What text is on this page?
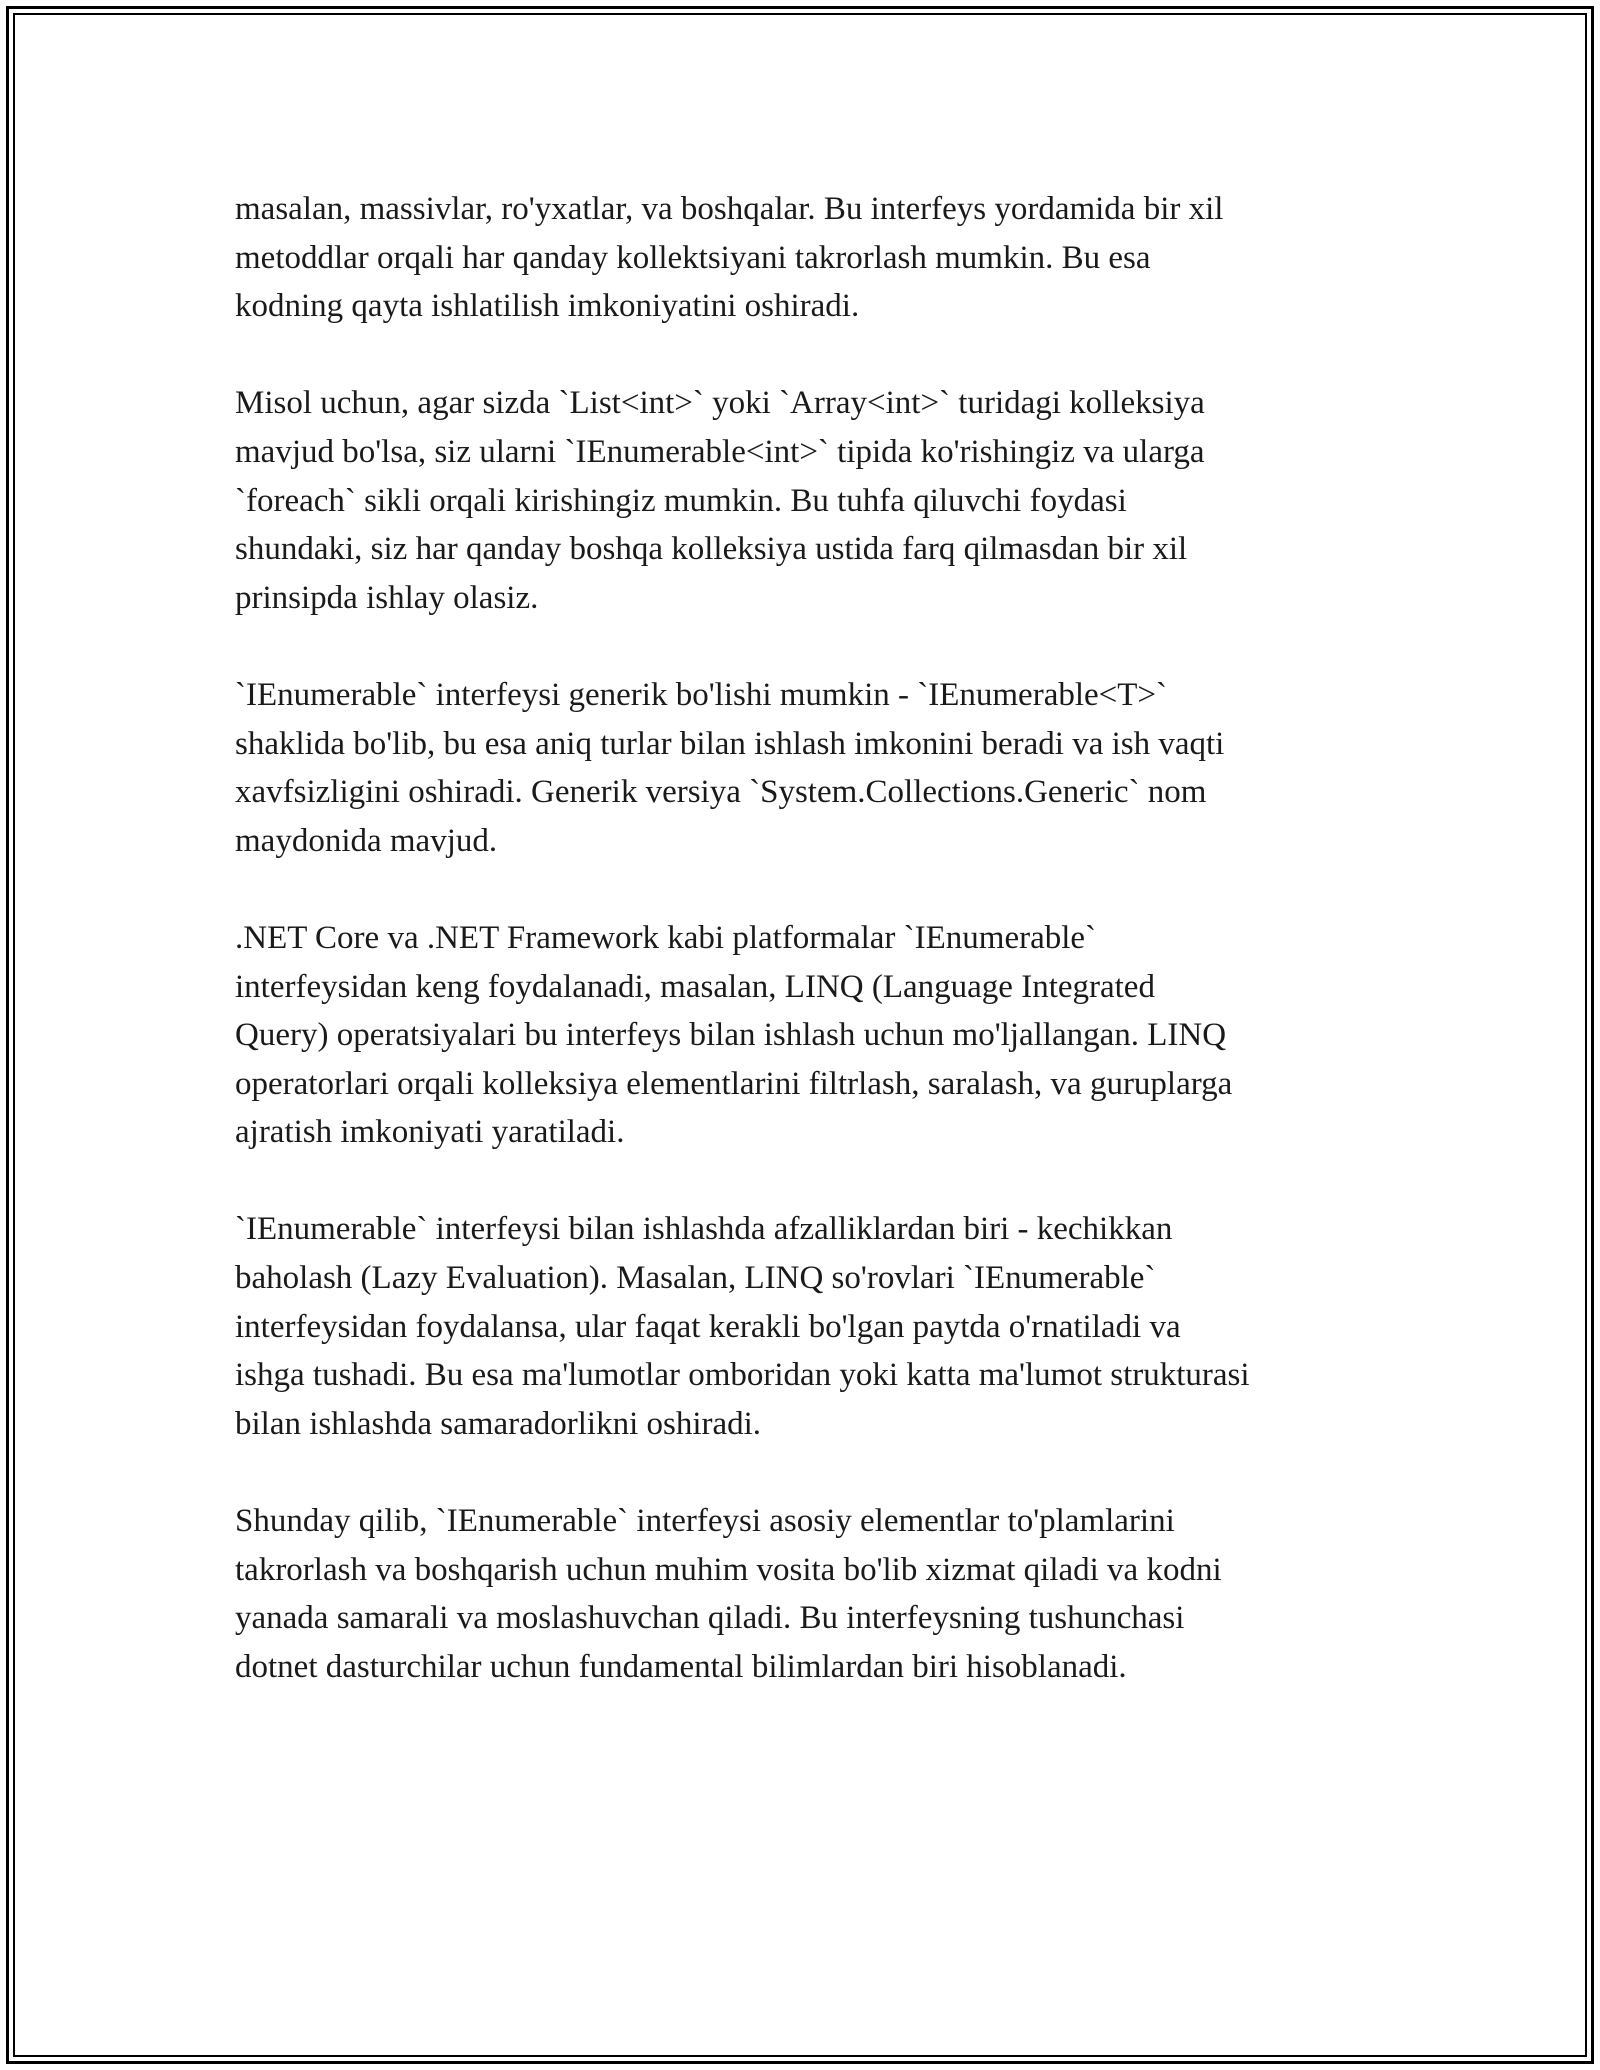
masalan, massivlar, ro'yxatlar, va boshqalar. Bu interfeys yordamida bir xil
metoddlar orqali har qanday kollektsiyani takrorlash mumkin. Bu esa
kodning qayta ishlatilish imkoniyatini oshiradi.

Misol uchun, agar sizda `List<int>` yoki `Array<int>` turidagi kolleksiya
mavjud bo'lsa, siz ularni `IEnumerable<int>` tipida ko'rishingiz va ularga
`foreach` sikli orqali kirishingiz mumkin. Bu tuhfa qiluvchi foydasi
shundaki, siz har qanday boshqa kolleksiya ustida farq qilmasdan bir xil
prinsipda ishlay olasiz.

`IEnumerable` interfeysi generik bo'lishi mumkin - `IEnumerable<T>`
shaklida bo'lib, bu esa aniq turlar bilan ishlash imkonini beradi va ish vaqti
xavfsizligini oshiradi. Generik versiya `System.Collections.Generic` nom
maydonida mavjud.

.NET Core va .NET Framework kabi platformalar `IEnumerable`
interfeysidan keng foydalanadi, masalan, LINQ (Language Integrated
Query) operatsiyalari bu interfeys bilan ishlash uchun mo'ljallangan. LINQ
operatorlari orqali kolleksiya elementlarini filtrlash, saralash, va guruplarga
ajratish imkoniyati yaratiladi.

`IEnumerable` interfeysi bilan ishlashda afzalliklardan biri - kechikkan
baholash (Lazy Evaluation). Masalan, LINQ so'rovlari `IEnumerable`
interfeysidan foydalansa, ular faqat kerakli bo'lgan paytda o'rnatiladi va
ishga tushadi. Bu esa ma'lumotlar omboridan yoki katta ma'lumot strukturasi
bilan ishlashda samaradorlikni oshiradi.

Shunday qilib, `IEnumerable` interfeysi asosiy elementlar to'plamlarini
takrorlash va boshqarish uchun muhim vosita bo'lib xizmat qiladi va kodni
yanada samarali va moslashuvchan qiladi. Bu interfeysning tushunchasi
dotnet dasturchilar uchun fundamental bilimlardan biri hisoblanadi.
